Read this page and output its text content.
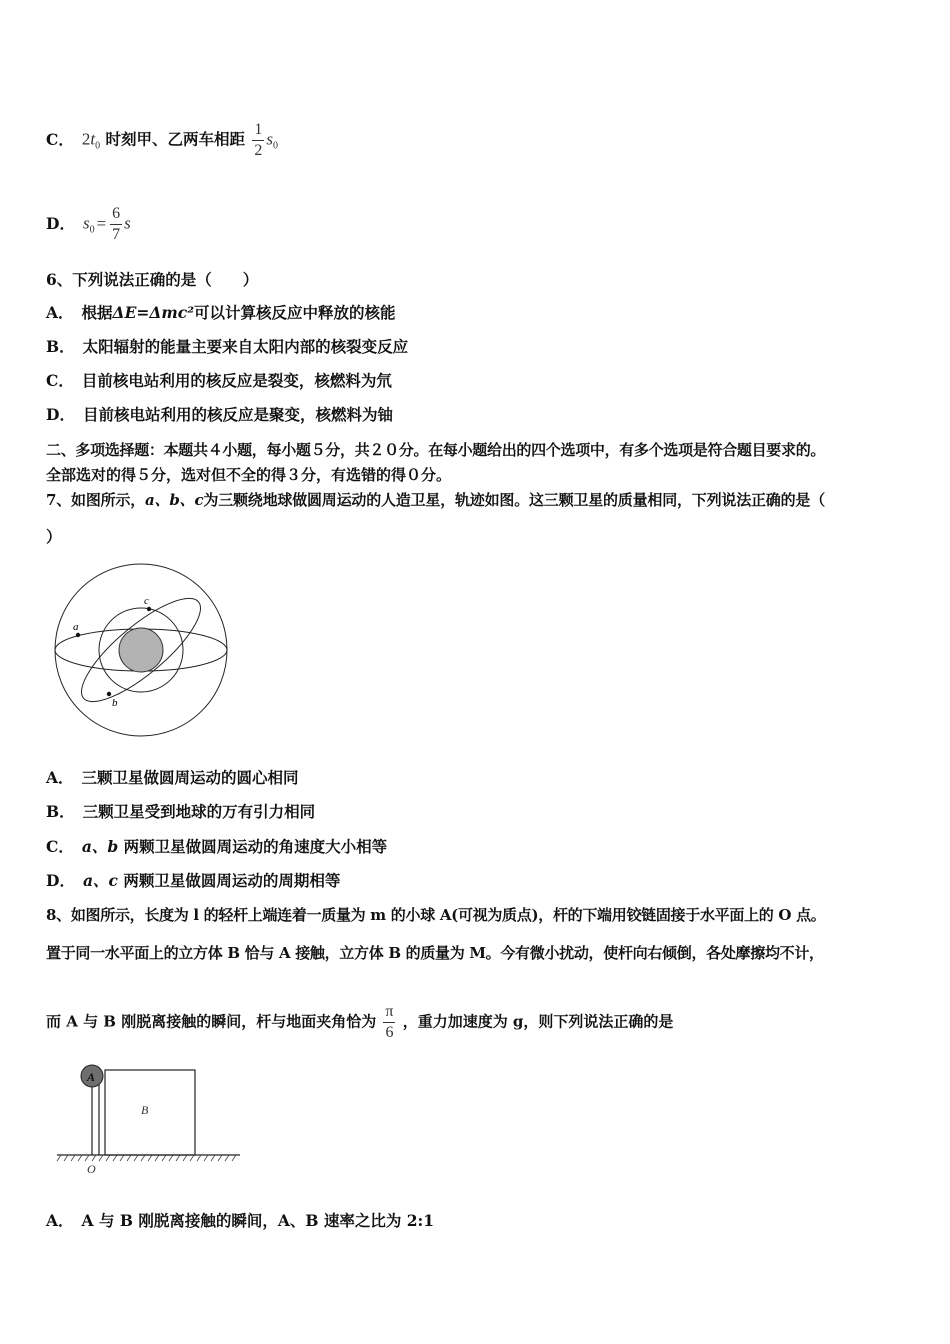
C． $2t_0$ 时刻甲、乙两车相距 $\frac{1}{2} s_0$
D． $s_0 = \frac{6}{7}$ s
6、下列说法正确的是（　　）
A． 根据ΔE=Δmc²可以计算核反应中释放的核能
B． 太阳辐射的能量主要来自太阳内部的核裂变反应
C． 目前核电站利用的核反应是裂变，核燃料为氘
D． 目前核电站利用的核反应是聚变，核燃料为铀
二、多项选择题：本题共４小题，每小题５分，共２０分。在每小题给出的四个选项中，有多个选项是符合题目要求的。
全部选对的得５分，选对但不全的得３分，有选错的得０分。
7、如图所示，a、b、c为三颗绕地球做圆周运动的人造卫星，轨迹如图。这三颗卫星的质量相同，下列说法正确的是（
）
a
c
b
A． 三颗卫星做圆周运动的圆心相同
B． 三颗卫星受到地球的万有引力相同
C． a、b 两颗卫星做圆周运动的角速度大小相等
D． a、c 两颗卫星做圆周运动的周期相等
8、如图所示，长度为 l 的轻杆上端连着一质量为 m 的小球 A(可视为质点)，杆的下端用铰链固接于水平面上的 O 点。
置于同一水平面上的立方体 B 恰与 A 接触，立方体 B 的质量为 M。今有微小扰动，使杆向右倾倒，各处摩擦均不计，
而 A 与 B 刚脱离接触的瞬间，杆与地面夹角恰为 $\frac{\pi}{6}$ ，重力加速度为 g，则下列说法正确的是
A
B
O
A． A 与 B 刚脱离接触的瞬间，A、B 速率之比为 2:1
